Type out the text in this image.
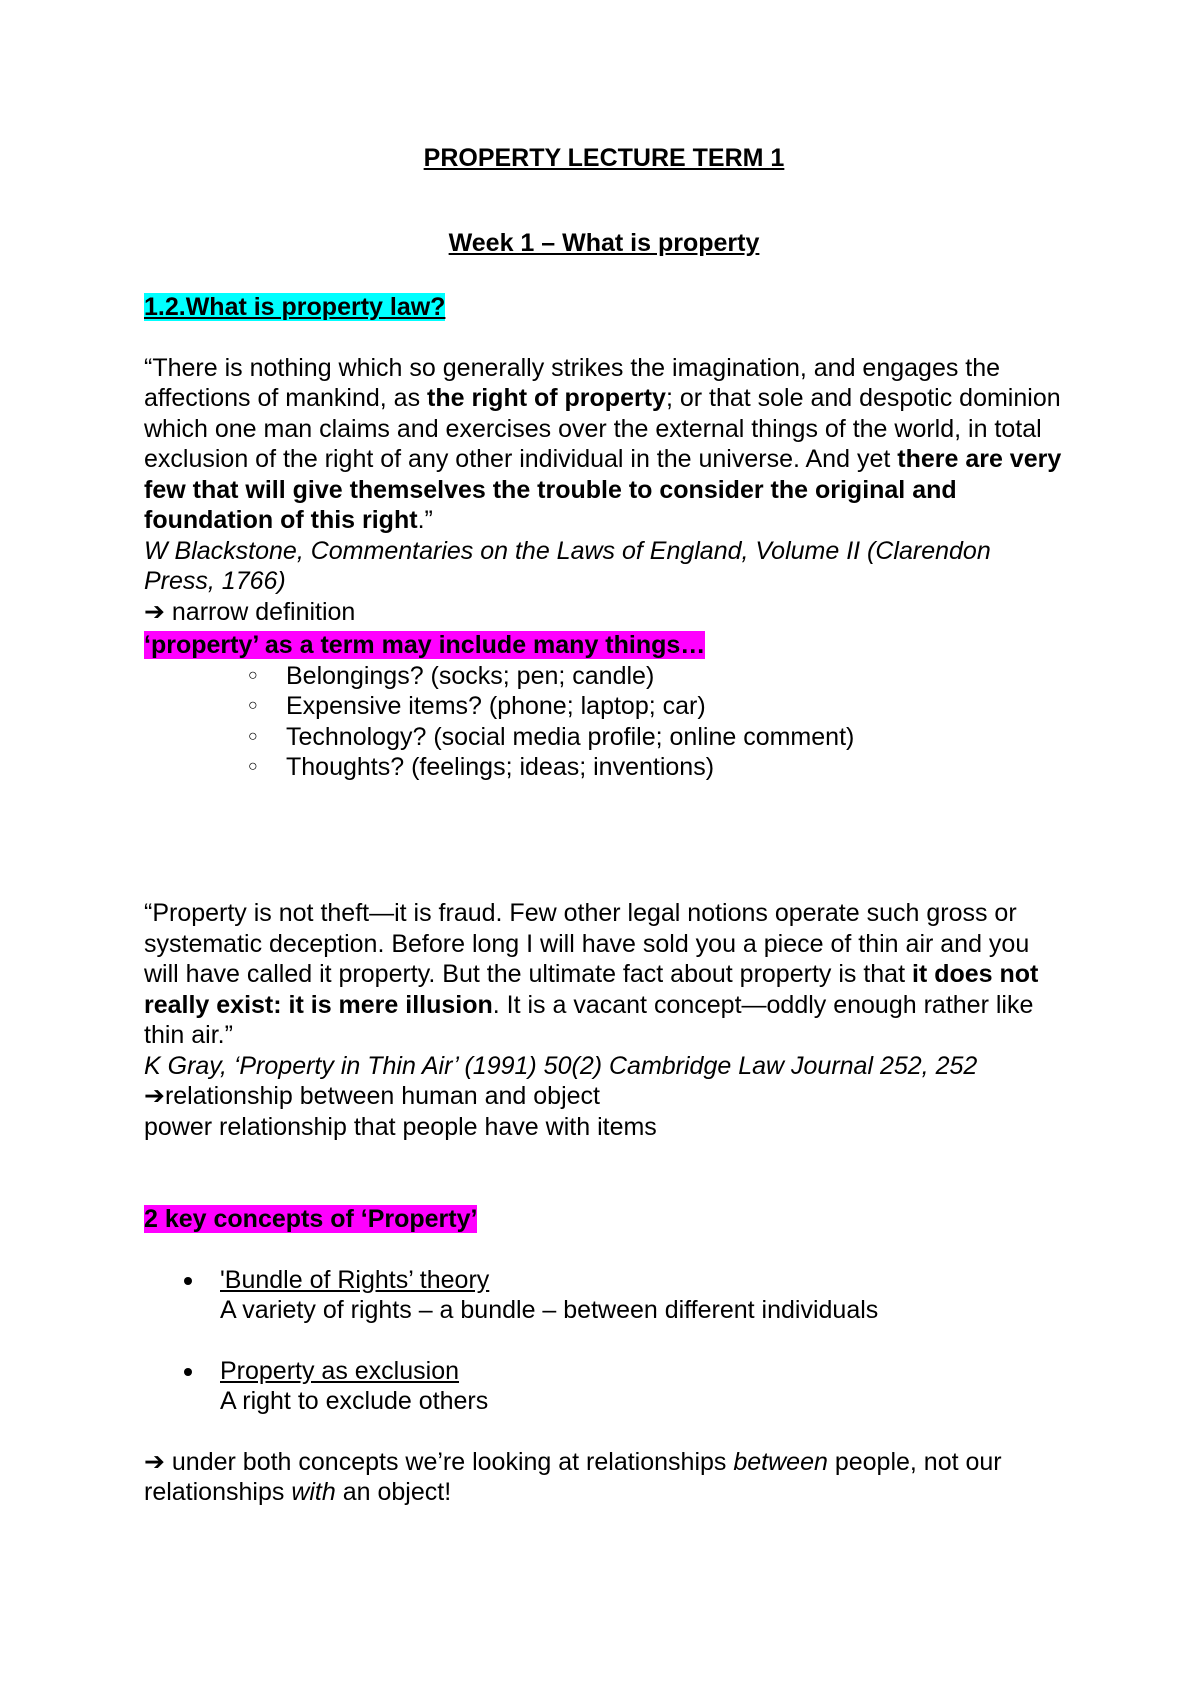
PROPERTY LECTURE TERM 1
Week 1 – What is property

1.2.What is property law?

“There is nothing which so generally strikes the imagination, and engages the affections of mankind, as the right of property; or that sole and despotic dominion which one man claims and exercises over the external things of the world, in total exclusion of the right of any other individual in the universe. And yet there are very few that will give themselves the trouble to consider the original and foundation of this right.”

W Blackstone, Commentaries on the Laws of England, Volume II (Clarendon Press, 1766)

➔ narrow definition

‘property’ as a term may include many things…

○ Belongings? (socks; pen; candle)
○ Expensive items? (phone; laptop; car)
○ Technology? (social media profile; online comment)
○ Thoughts? (feelings; ideas; inventions)

“Property is not theft—it is fraud. Few other legal notions operate such gross or systematic deception. Before long I will have sold you a piece of thin air and you will have called it property. But the ultimate fact about property is that it does not really exist: it is mere illusion. It is a vacant concept—oddly enough rather like thin air.”

K Gray, ‘Property in Thin Air’ (1991) 50(2) Cambridge Law Journal 252, 252

➔relationship between human and object

power relationship that people have with items

2 key concepts of ‘Property’

'Bundle of Rights’ theory
A variety of rights – a bundle – between different individuals
Property as exclusion
A right to exclude others

➔ under both concepts we’re looking at relationships between people, not our relationships with an object!
